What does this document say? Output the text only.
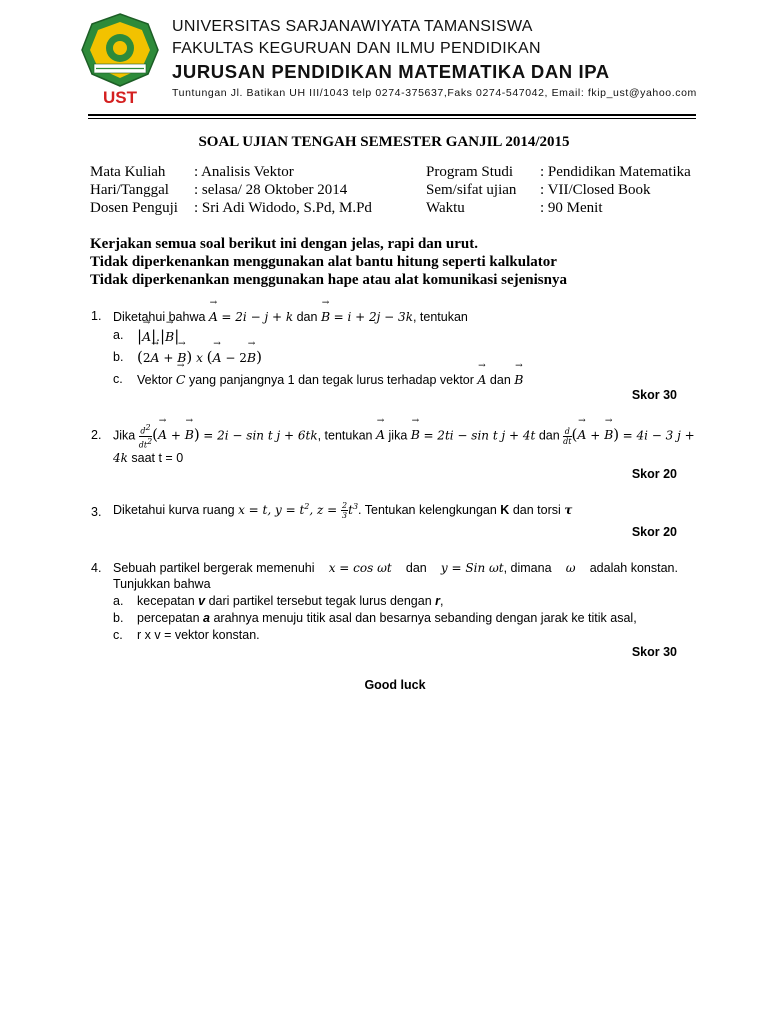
UST
UNIVERSITAS SARJANAWIYATA TAMANSISWA
FAKULTAS KEGURUAN DAN ILMU PENDIDIKAN
JURUSAN PENDIDIKAN MATEMATIKA DAN IPA
Tuntungan Jl. Batikan UH III/1043 telp 0274-375637,Faks 0274-547042, Email: fkip_ust@yahoo.com
SOAL UJIAN TENGAH SEMESTER GANJIL 2014/2015
Mata Kuliah : Analisis Vektor
Hari/Tanggal : selasa/ 28 Oktober 2014
Dosen Penguji : Sri Adi Widodo, S.Pd, M.Pd
Program Studi : Pendidikan Matematika
Sem/sifat ujian : VII/Closed Book
Waktu	: 90 Menit
Kerjakan semua soal berikut ini dengan jelas, rapi dan urut.
Tidak diperkenankan menggunakan alat bantu hitung seperti kalkulator
Tidak diperkenankan menggunakan hape atau alat komunikasi sejenisnya
1. Diketahui bahwa → A = 2i − j + k dan → B = i + 2j − 3k, tentukan
a. |→ A|.|→ B|
b. (2→ A + → B) x (→ A − 2→ B)
c. Vektor → C yang panjangnya 1 dan tegak lurus terhadap vektor → A dan → B
Skor 30
2. Jika $\frac{d^2}{dt^2}$ (→ A + → B) = 2i − sin t j + 6tk, tentukan → A jika → B = 2ti − sin t j + 4t dan $\frac{d}{dt}$ (→ A + → B) = 4i − 3 j +
4k saat t = 0
Skor 20
3. Diketahui kurva ruang x = t, $y = t^2$, $z = \frac{2}{3} t^3$. Tentukan kelengkungan K dan torsi τ
Skor 20
4. Sebuah partikel bergerak memenuhi x = cos ωt dan y = Sin ωt, dimana ω adalah konstan.
Tunjukkan bahwa
a. kecepatan v dari partikel tersebut tegak lurus dengan r,
b. percepatan a arahnya menuju titik asal dan besarnya sebanding dengan jarak ke titik asal,
c. r x v = vektor konstan.
Skor 30
Good luck
